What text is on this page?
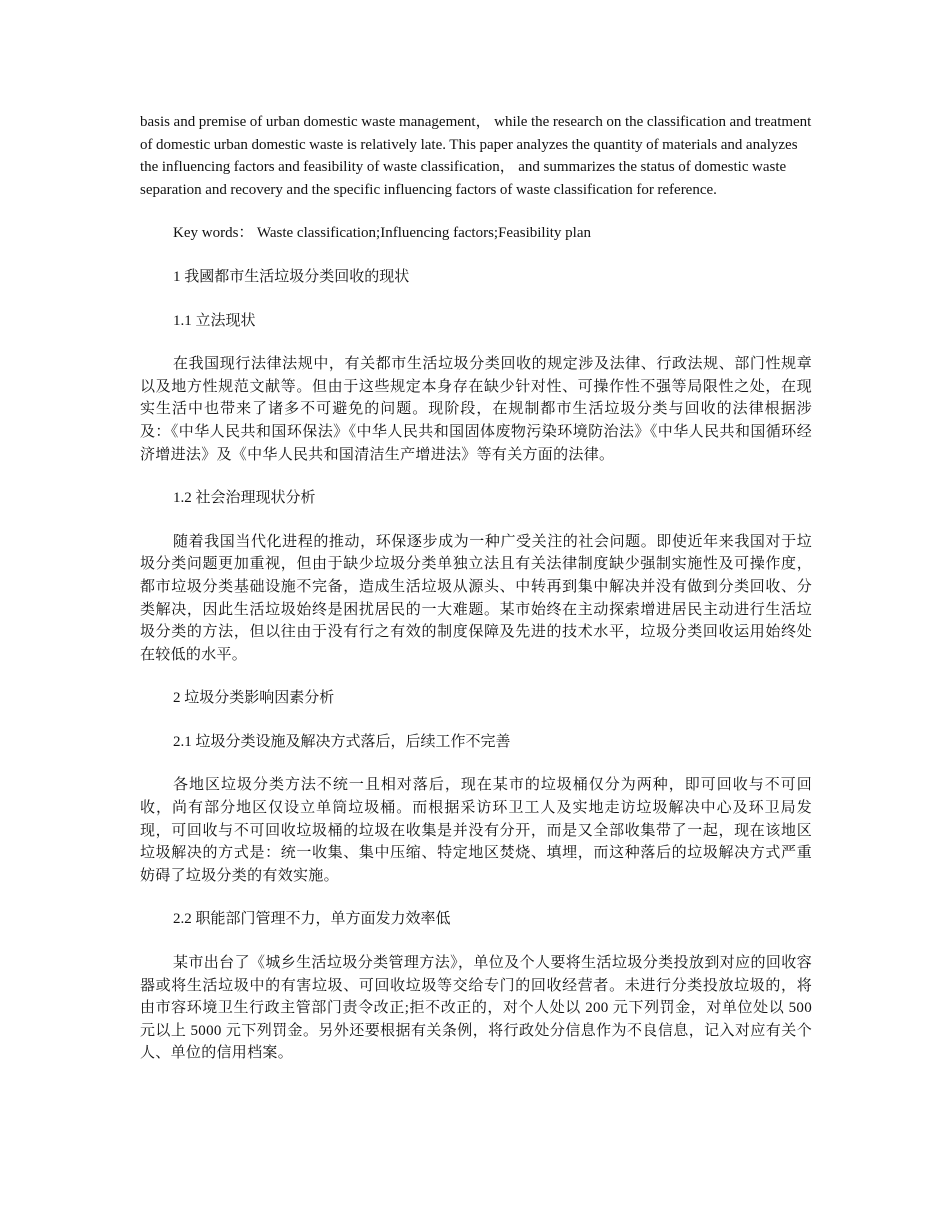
basis and premise of urban domestic waste management， while the research on the classification and treatment of domestic urban domestic waste is relatively late. This paper analyzes the quantity of materials and analyzes the influencing factors and feasibility of waste classification， and summarizes the status of domestic waste separation and recovery and the specific influencing factors of waste classification for reference.

Key words： Waste classification;Influencing factors;Feasibility plan

1 我國都市生活垃圾分类回收的现状

1.1 立法现状

在我国现行法律法规中，有关都市生活垃圾分类回收的规定涉及法律、行政法规、部门性规章以及地方性规范文献等。但由于这些规定本身存在缺少针对性、可操作性不强等局限性之处，在现实生活中也带来了诸多不可避免的问题。现阶段，在规制都市生活垃圾分类与回收的法律根据涉及：《中华人民共和国环保法》《中华人民共和国固体废物污染环境防治法》《中华人民共和国循环经济增进法》及《中华人民共和国清洁生产增进法》等有关方面的法律。

1.2 社会治理现状分析

随着我国当代化进程的推动，环保逐步成为一种广受关注的社会问题。即使近年来我国对于垃圾分类问题更加重视，但由于缺少垃圾分类单独立法且有关法律制度缺少强制实施性及可操作度，都市垃圾分类基础设施不完备，造成生活垃圾从源头、中转再到集中解决并没有做到分类回收、分类解决，因此生活垃圾始终是困扰居民的一大难题。某市始终在主动探索增进居民主动进行生活垃圾分类的方法，但以往由于没有行之有效的制度保障及先进的技术水平，垃圾分类回收运用始终处在较低的水平。

2 垃圾分类影响因素分析

2.1 垃圾分类设施及解决方式落后，后续工作不完善

各地区垃圾分类方法不统一且相对落后，现在某市的垃圾桶仅分为两种，即可回收与不可回收，尚有部分地区仅设立单筒垃圾桶。而根据采访环卫工人及实地走访垃圾解决中心及环卫局发现，可回收与不可回收垃圾桶的垃圾在收集是并没有分开，而是又全部收集带了一起，现在该地区垃圾解决的方式是：统一收集、集中压缩、特定地区焚烧、填埋，而这种落后的垃圾解决方式严重妨碍了垃圾分类的有效实施。

2.2 职能部门管理不力，单方面发力效率低

某市出台了《城乡生活垃圾分类管理方法》，单位及个人要将生活垃圾分类投放到对应的回收容器或将生活垃圾中的有害垃圾、可回收垃圾等交给专门的回收经营者。未进行分类投放垃圾的，将由市容环境卫生行政主管部门责令改正;拒不改正的，对个人处以 200 元下列罚金，对单位处以 500 元以上 5000 元下列罚金。另外还要根据有关条例，将行政处分信息作为不良信息，记入对应有关个人、单位的信用档案。
